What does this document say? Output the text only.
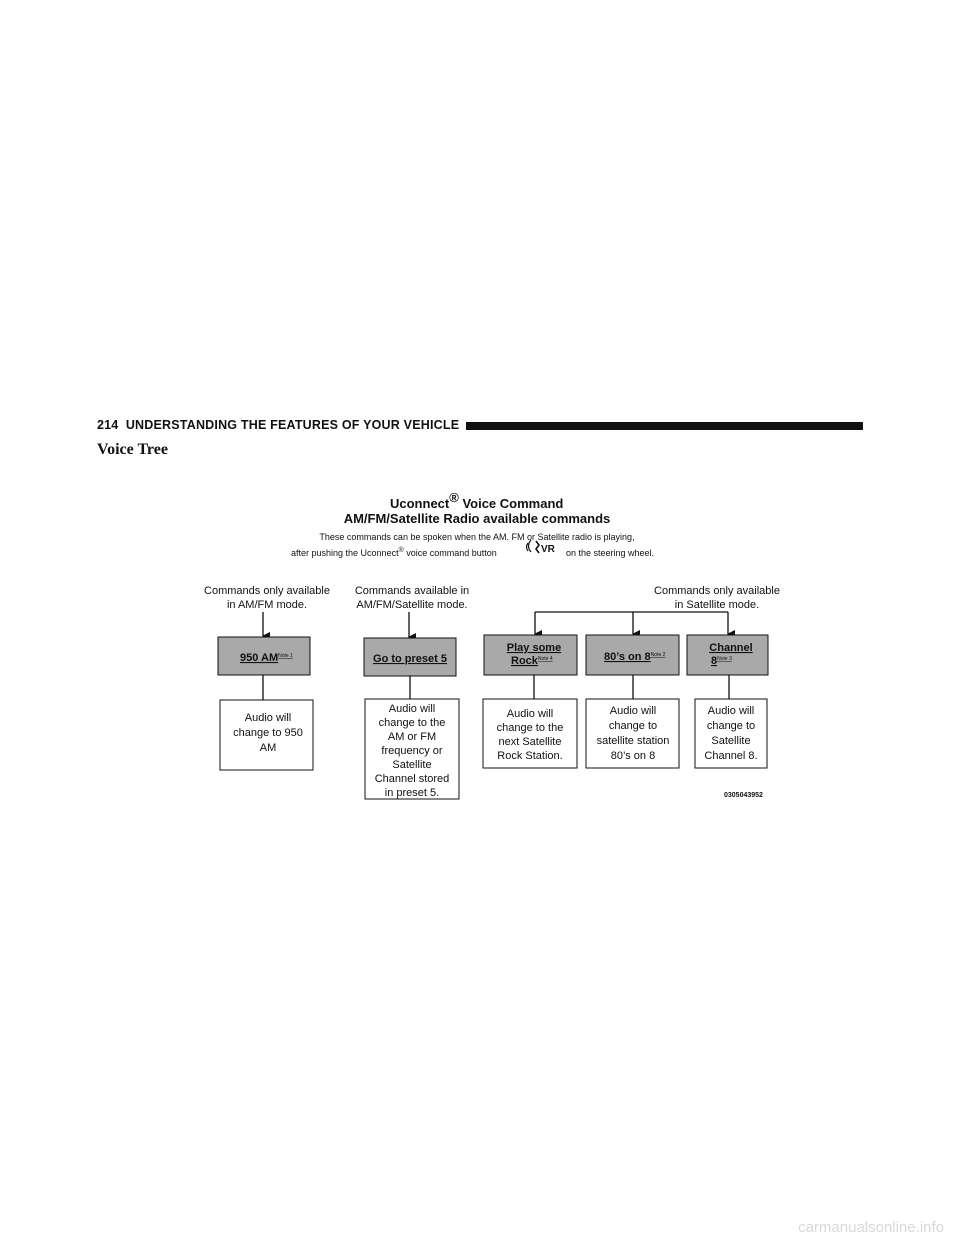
214 UNDERSTANDING THE FEATURES OF YOUR VEHICLE
Voice Tree
Uconnect® Voice Command
AM/FM/Satellite Radio available commands
These commands can be spoken when the AM. FM or Satellite radio is playing,
after pushing the Uconnect® voice command button	VR on the steering wheel.
Commands only available
in AM/FM mode.
Commands available in
AM/FM/Satellite mode.
Commands only available
in Satellite mode.
950 $AM^{Note 1}$	Go to preset 5
Play some
Rock$^{Note 4}$	80’s on $8^{Note 2}$
Channel
$8^{Note 3}$
Audio will
change to 950
AM
Audio will
change to the
AM or FM
frequency or
Satellite
Channel stored
in preset 5.
Audio will
change to the
next Satellite
Rock Station.
Audio will
change to
satellite station
80’s on 8
Audio will
change to
Satellite
Channel 8.
0305043952
carmanualsonline.info
